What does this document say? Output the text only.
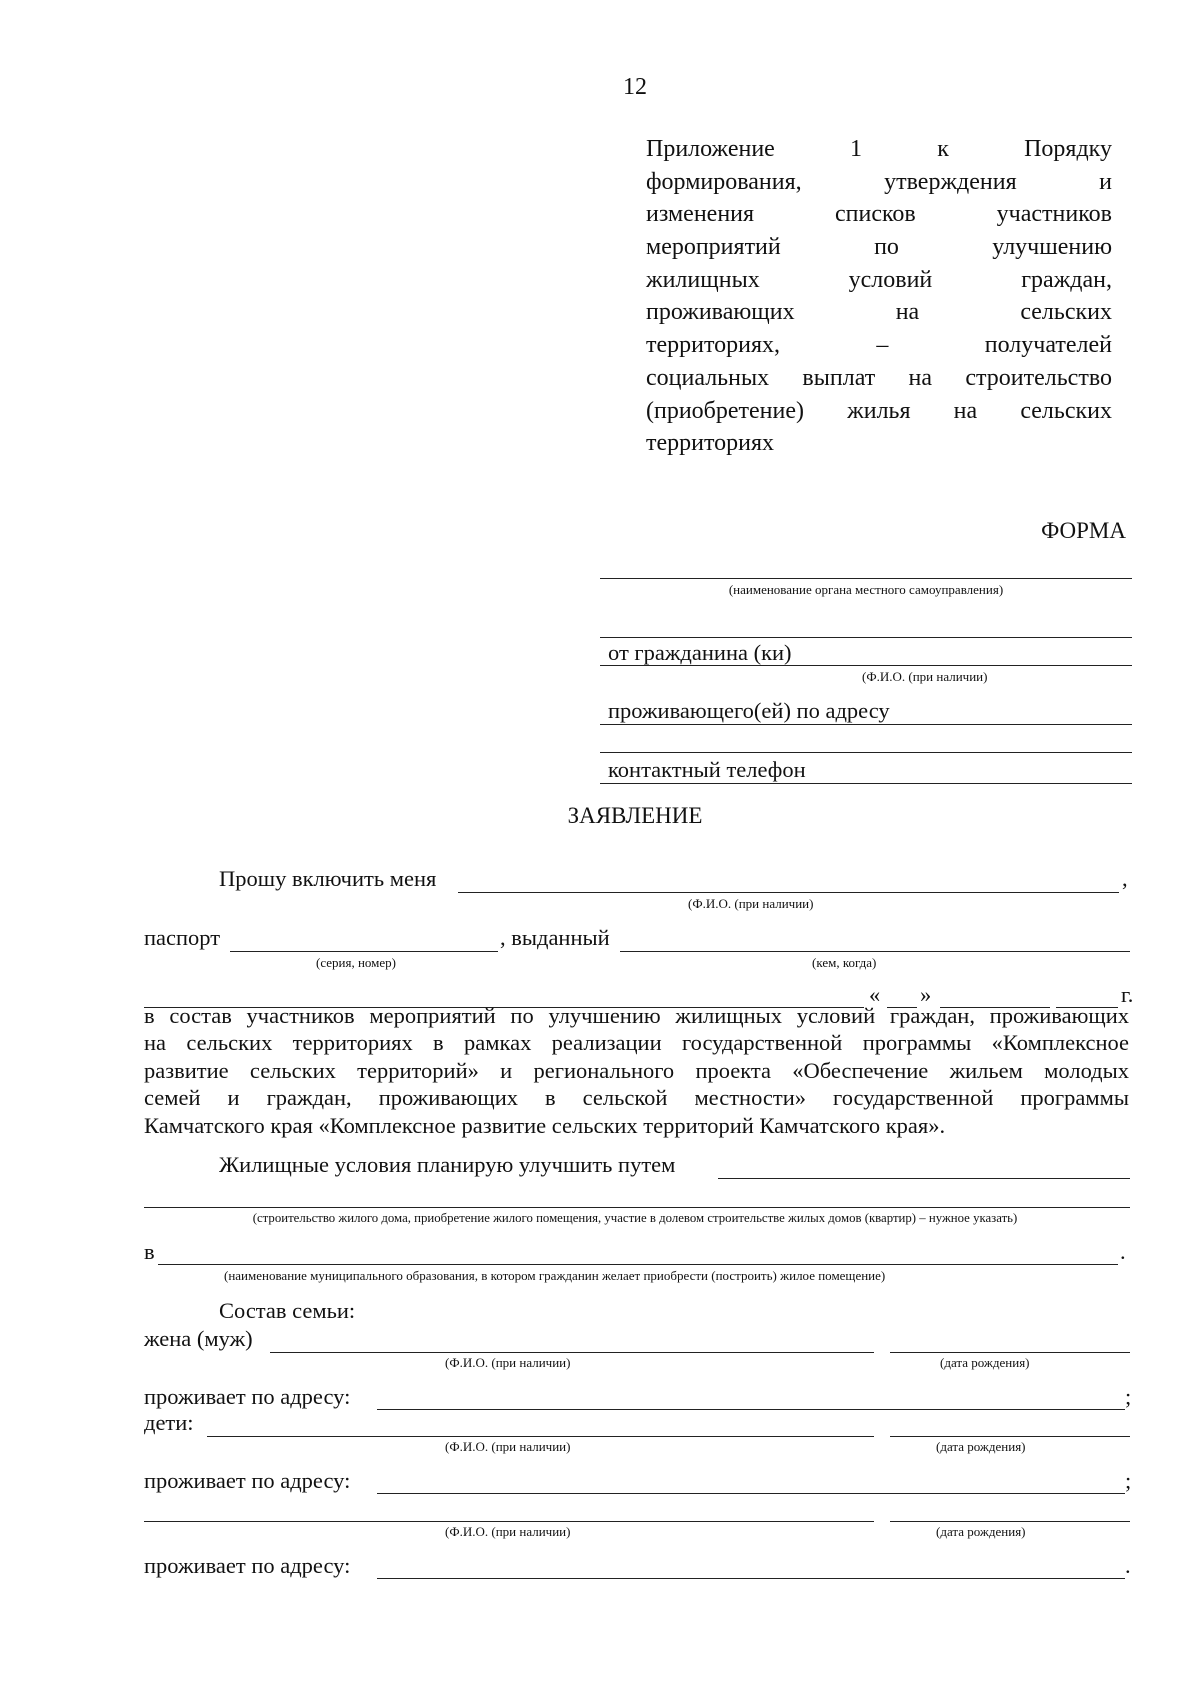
12
Приложение 1 к Порядку
формирования, утверждения и
изменения списков участников
мероприятий по улучшению
жилищных условий граждан,
проживающих на сельских
территориях, – получателей
социальных выплат на строительство
(приобретение) жилья на сельских
территориях
ФОРМА
(наименование органа местного самоуправления)
от гражданина (ки)
(Ф.И.О. (при наличии)
проживающего(ей) по адресу
контактный телефон
ЗАЯВЛЕНИЕ
Прошу включить меня	,
(Ф.И.О. (при наличии)
паспорт	, выданный
(серия, номер)	(кем, когда)
« »	г.
в состав участников мероприятий по улучшению жилищных условий граждан, проживающих
на сельских территориях в рамках реализации государственной программы «Комплексное
развитие сельских территорий» и регионального проекта «Обеспечение жильем молодых
семей и граждан, проживающих в сельской местности» государственной программы
Камчатского края «Комплексное развитие сельских территорий Камчатского края».
Жилищные условия планирую улучшить путем
(строительство жилого дома, приобретение жилого помещения, участие в долевом строительстве жилых домов (квартир) – нужное указать)
в	.
(наименование муниципального образования, в котором гражданин желает приобрести (построить) жилое помещение)
Состав семьи:
жена (муж)
(Ф.И.О. (при наличии)	(дата рождения)
проживает по адресу:	;
дети:
(Ф.И.О. (при наличии)	(дата рождения)
проживает по адресу:	;
(Ф.И.О. (при наличии)	(дата рождения)
проживает по адресу:	.
